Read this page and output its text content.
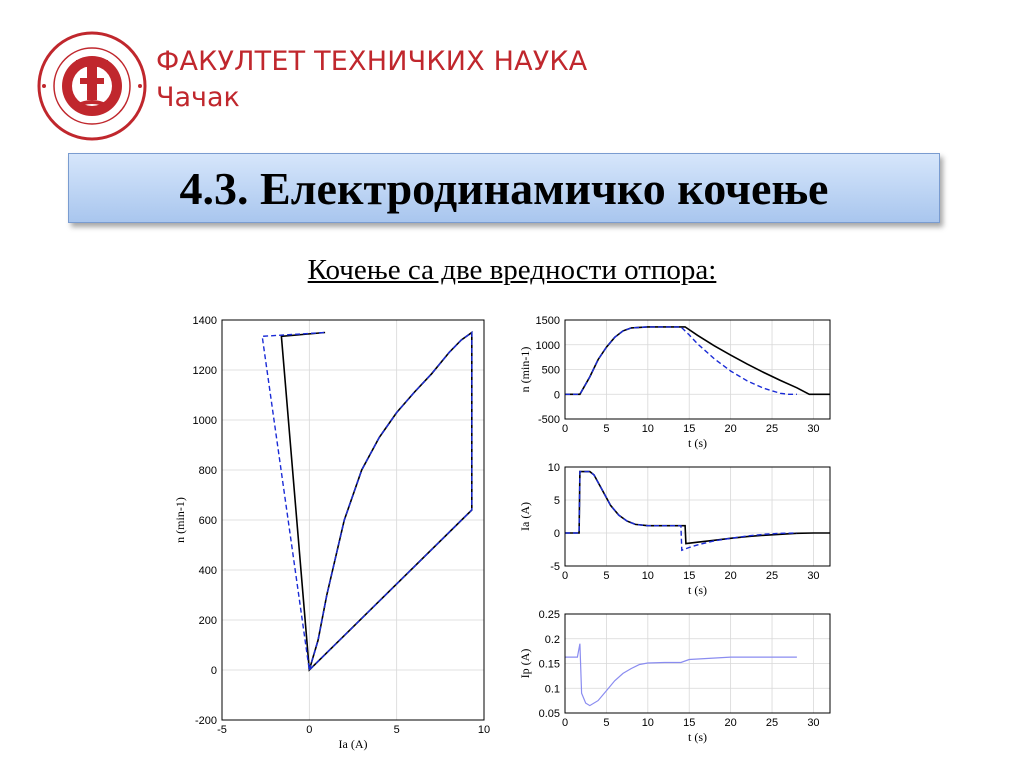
ФАКУЛТЕТ ТЕХНИЧКИХ НАУКА
Чачак
4.3. Електродинамичко кочење
Кочење са две вредности отпора:
-5	0	5	10
-200
0
200
400
600
800
1000
1200
1400
Ia (A)
n (min-1)
0	5	10	15	20	25	30
-500
0
500
1000
1500
t (s)
n (min-1)
0	5	10	15	20	25	30
-5
0
5
10
t (s)
Ia (A)
0	5	10	15	20	25	30
0.05
0.1
0.15
0.2
0.25
t (s)
Ip (A)
